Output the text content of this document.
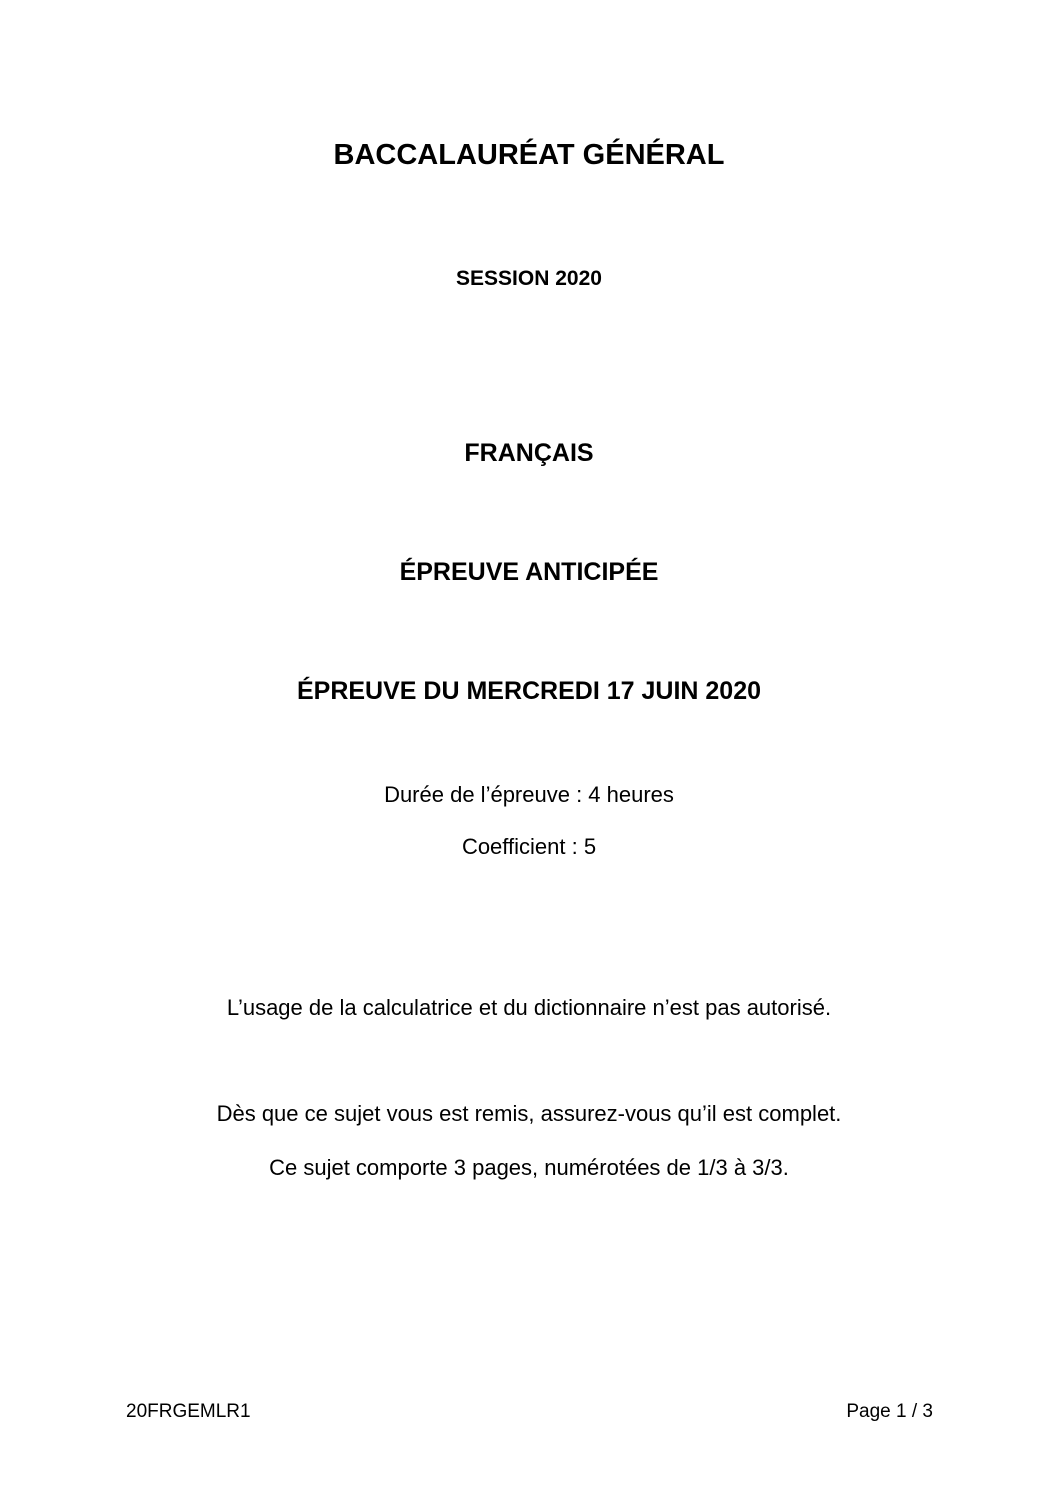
BACCALAURÉAT GÉNÉRAL
SESSION 2020
FRANÇAIS
ÉPREUVE ANTICIPÉE
ÉPREUVE DU MERCREDI 17 JUIN 2020
Durée de l’épreuve : 4 heures
Coefficient : 5
L’usage de la calculatrice et du dictionnaire n’est pas autorisé.
Dès que ce sujet vous est remis, assurez-vous qu’il est complet.
Ce sujet comporte 3 pages, numérotées de 1/3 à 3/3.
20FRGEMLR1	Page 1 / 3
